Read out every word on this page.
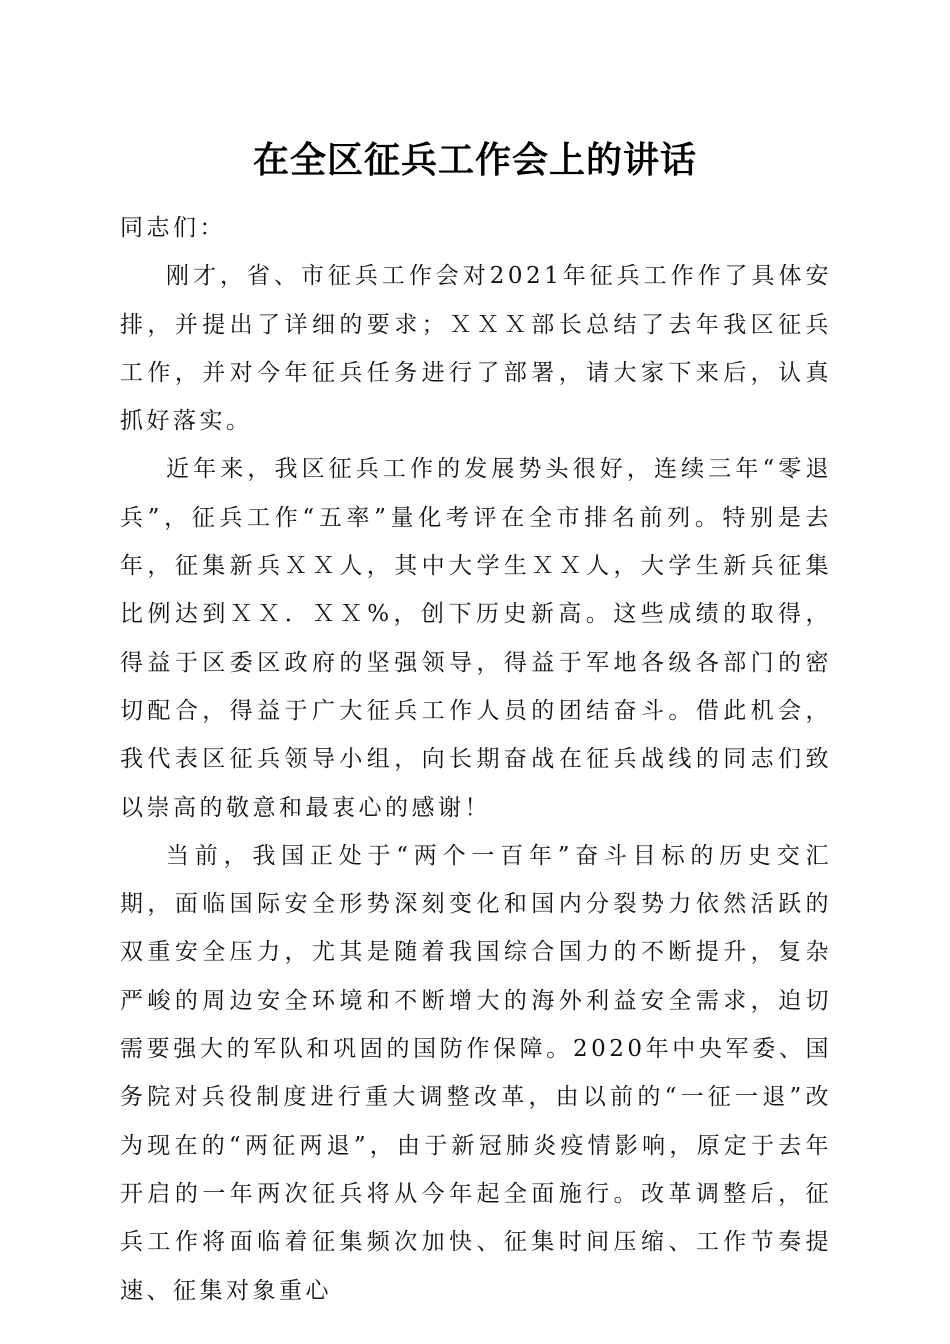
在全区征兵工作会上的讲话

同志们：

刚才，省、市征兵工作会对2021年征兵工作作了具体安排，并提出了详细的要求；ＸＸＸ部长总结了去年我区征兵工作，并对今年征兵任务进行了部署，请大家下来后，认真抓好落实。

近年来，我区征兵工作的发展势头很好，连续三年“零退兵”，征兵工作“五率”量化考评在全市排名前列。特别是去年，征集新兵ＸＸ人，其中大学生ＸＸ人，大学生新兵征集比例达到ＸＸ．ＸＸ%，创下历史新高。这些成绩的取得，得益于区委区政府的坚强领导，得益于军地各级各部门的密切配合，得益于广大征兵工作人员的团结奋斗。借此机会，我代表区征兵领导小组，向长期奋战在征兵战线的同志们致以崇高的敬意和最衷心的感谢！

当前，我国正处于“两个一百年”奋斗目标的历史交汇期，面临国际安全形势深刻变化和国内分裂势力依然活跃的双重安全压力，尤其是随着我国综合国力的不断提升，复杂严峻的周边安全环境和不断增大的海外利益安全需求，迫切需要强大的军队和巩固的国防作保障。2020年中央军委、国务院对兵役制度进行重大调整改革，由以前的“一征一退”改为现在的“两征两退”，由于新冠肺炎疫情影响，原定于去年开启的一年两次征兵将从今年起全面施行。改革调整后，征兵工作将面临着征集频次加快、征集时间压缩、工作节奏提速、征集对象重心
